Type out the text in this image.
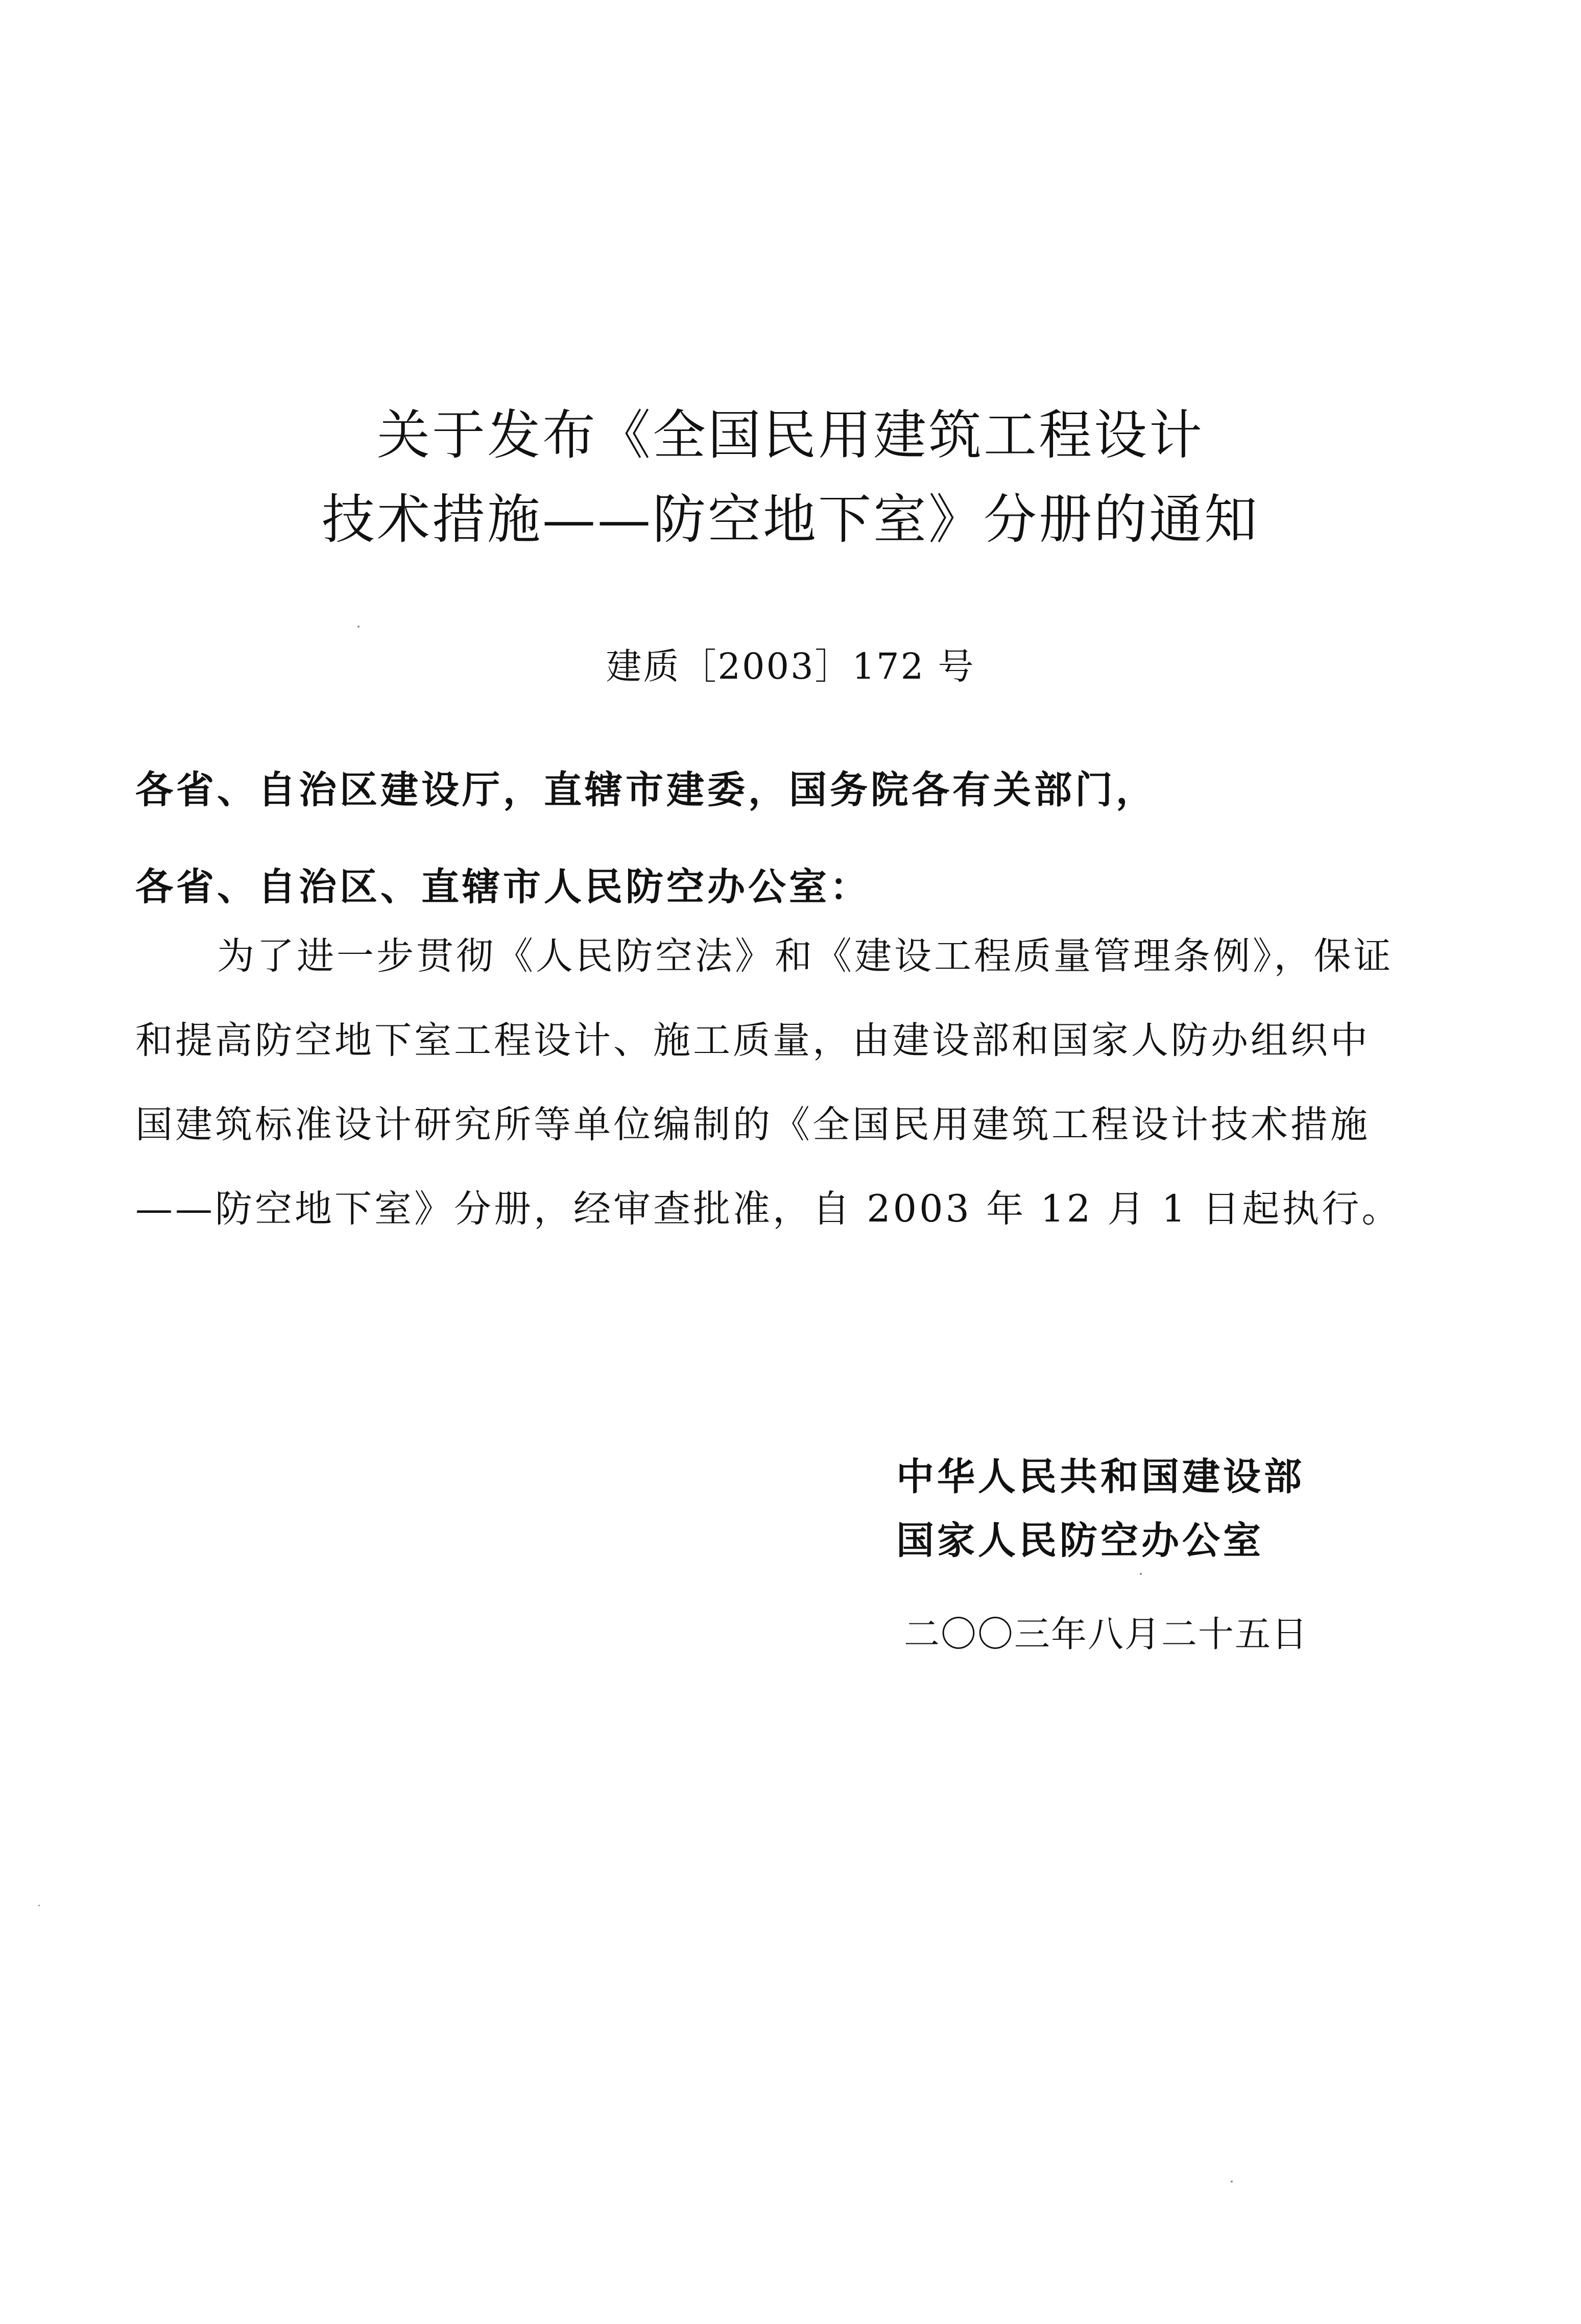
关于发布《全国民用建筑工程设计
技术措施——防空地下室》分册的通知
建质［2003］172 号
各省、自治区建设厅，直辖市建委，国务院各有关部门，
各省、自治区、直辖市人民防空办公室：
为了进一步贯彻《人民防空法》和《建设工程质量管理条例》，保证
和提高防空地下室工程设计、施工质量，由建设部和国家人防办组织中
国建筑标准设计研究所等单位编制的《全国民用建筑工程设计技术措施
——防空地下室》分册，经审查批准，自 2003 年 12 月 1 日起执行。
中华人民共和国建设部
国家人民防空办公室
二〇〇三年八月二十五日
